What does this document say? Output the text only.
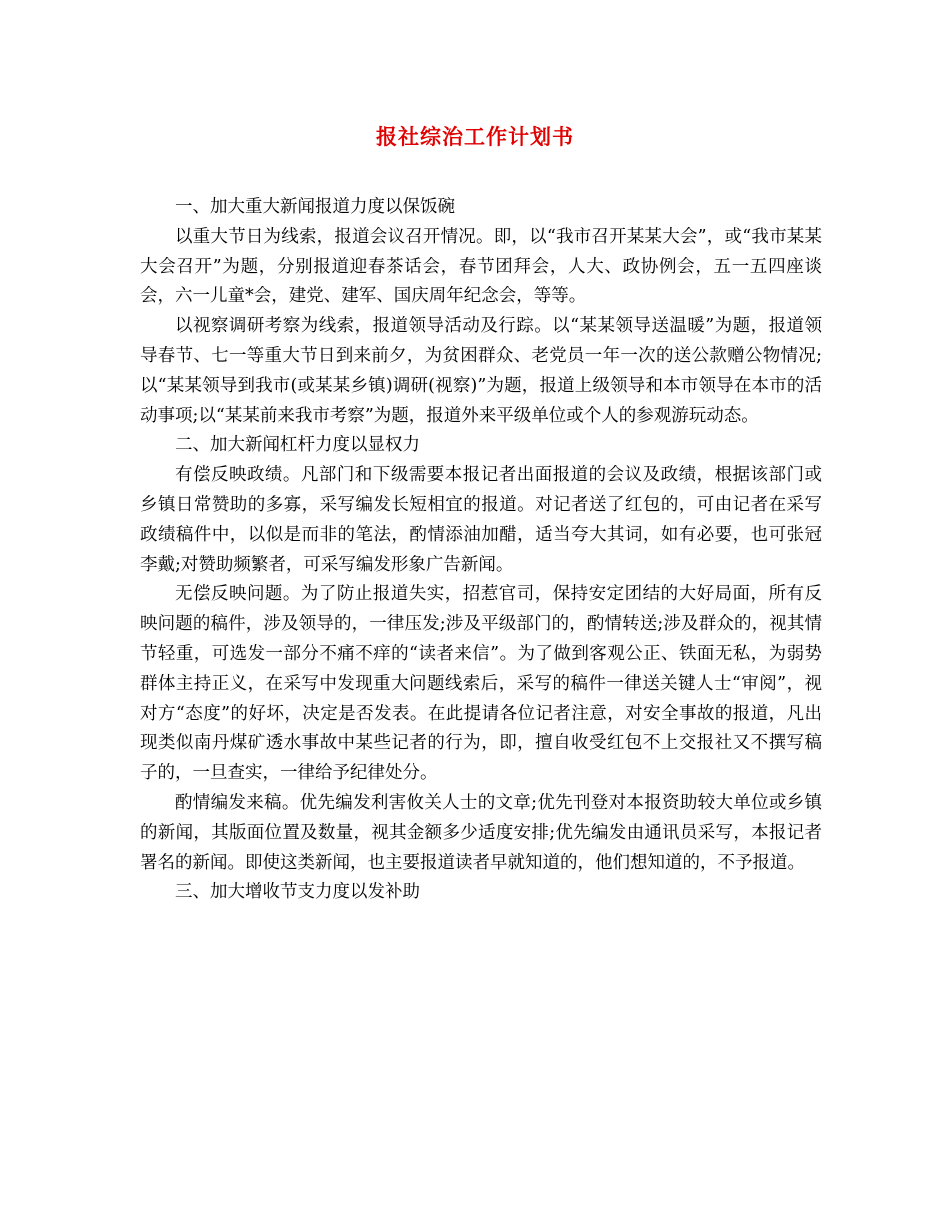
报社综治工作计划书

一、加大重大新闻报道力度以保饭碗

以重大节日为线索，报道会议召开情况。即，以“我市召开某某大会”，或“我市某某大会召开”为题，分别报道迎春茶话会，春节团拜会，人大、政协例会，五一五四座谈会，六一儿童*会，建党、建军、国庆周年纪念会，等等。

以视察调研考察为线索，报道领导活动及行踪。以“某某领导送温暖”为题，报道领导春节、七一等重大节日到来前夕，为贫困群众、老党员一年一次的送公款赠公物情况;以“某某领导到我市(或某某乡镇)调研(视察)”为题，报道上级领导和本市领导在本市的活动事项;以“某某前来我市考察”为题，报道外来平级单位或个人的参观游玩动态。

二、加大新闻杠杆力度以显权力

有偿反映政绩。凡部门和下级需要本报记者出面报道的会议及政绩，根据该部门或乡镇日常赞助的多寡，采写编发长短相宜的报道。对记者送了红包的，可由记者在采写政绩稿件中，以似是而非的笔法，酌情添油加醋，适当夸大其词，如有必要，也可张冠李戴;对赞助频繁者，可采写编发形象广告新闻。

无偿反映问题。为了防止报道失实，招惹官司，保持安定团结的大好局面，所有反映问题的稿件，涉及领导的，一律压发;涉及平级部门的，酌情转送;涉及群众的，视其情节轻重，可选发一部分不痛不痒的“读者来信”。为了做到客观公正、铁面无私，为弱势群体主持正义，在采写中发现重大问题线索后，采写的稿件一律送关键人士“审阅”，视对方“态度”的好坏，决定是否发表。在此提请各位记者注意，对安全事故的报道，凡出现类似南丹煤矿透水事故中某些记者的行为，即，擅自收受红包不上交报社又不撰写稿子的，一旦查实，一律给予纪律处分。

酌情编发来稿。优先编发利害攸关人士的文章;优先刊登对本报资助较大单位或乡镇的新闻，其版面位置及数量，视其金额多少适度安排;优先编发由通讯员采写，本报记者署名的新闻。即使这类新闻，也主要报道读者早就知道的，他们想知道的，不予报道。

三、加大增收节支力度以发补助
